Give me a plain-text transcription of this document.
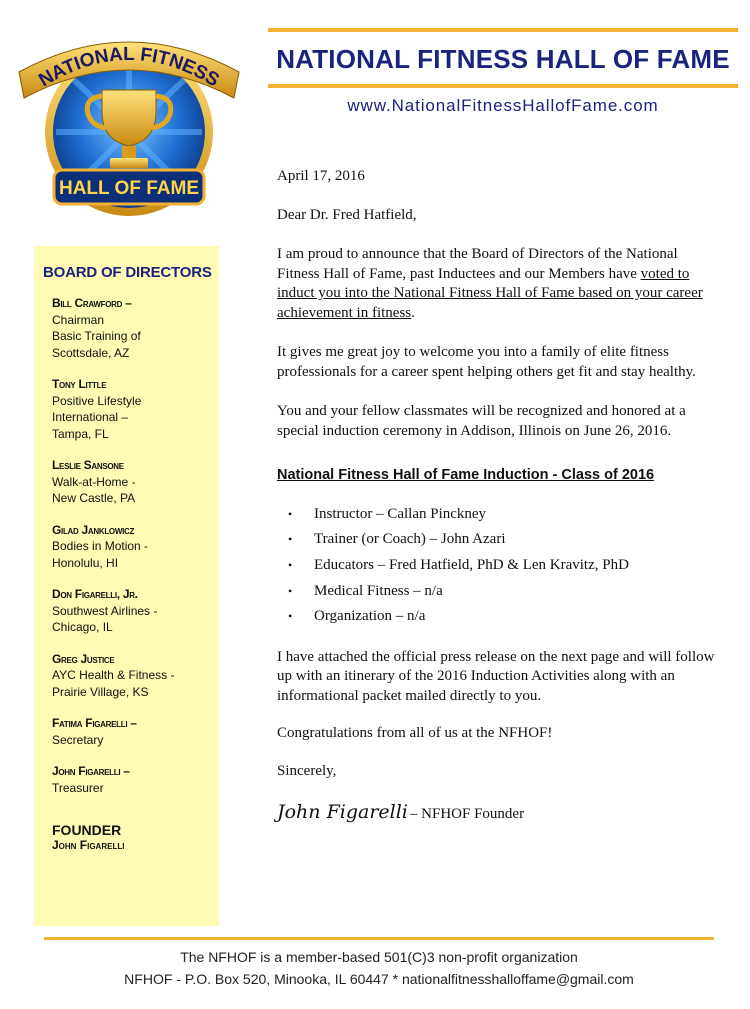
NATIONAL FITNESS
HALL OF FAME
NATIONAL FITNESS HALL OF FAME
www.NationalFitnessHallofFame.com
BOARD OF DIRECTORS
Bill Crawford –
Chairman
Basic Training of
Scottsdale, AZ
Tony Little
Positive Lifestyle
International –
Tampa, FL
Leslie Sansone
Walk-at-Home -
New Castle, PA
Gilad Janklowicz
Bodies in Motion -
Honolulu, HI
Don Figarelli, Jr.
Southwest Airlines -
Chicago, IL
Greg Justice
AYC Health & Fitness -
Prairie Village, KS
Fatima Figarelli –
Secretary
John Figarelli –
Treasurer
FOUNDER
John Figarelli

April 17, 2016

Dear Dr. Fred Hatfield,

I am proud to announce that the Board of Directors of the National Fitness Hall of Fame, past Inductees and our Members have voted to induct you into the National Fitness Hall of Fame based on your career achievement in fitness.

It gives me great joy to welcome you into a family of elite fitness professionals for a career spent helping others get fit and stay healthy.

You and your fellow classmates will be recognized and honored at a special induction ceremony in Addison, Illinois on June 26, 2016.

National Fitness Hall of Fame Induction - Class of 2016

• Instructor – Callan Pinckney
• Trainer (or Coach) – John Azari
• Educators – Fred Hatfield, PhD & Len Kravitz, PhD
• Medical Fitness – n/a
• Organization – n/a

I have attached the official press release on the next page and will follow up with an itinerary of the 2016 Induction Activities along with an informational packet mailed directly to you.

Congratulations from all of us at the NFHOF!

Sincerely,

John Figarelli – NFHOF Founder

The NFHOF is a member-based 501(C)3 non-profit organization
NFHOF - P.O. Box 520, Minooka, IL 60447 * nationalfitnesshalloffame@gmail.com
